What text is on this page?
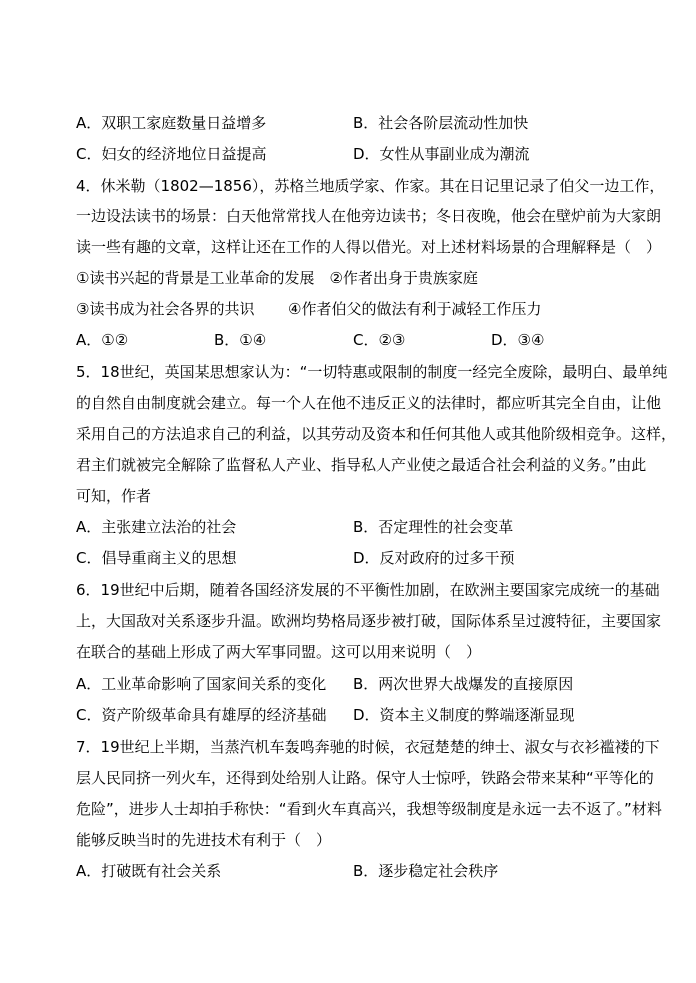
A．双职工家庭数量日益增多	B．社会各阶层流动性加快
C．妇女的经济地位日益提高	D．女性从事副业成为潮流
4．休米勒（1802—1856），苏格兰地质学家、作家。其在日记里记录了伯父一边工作，
一边设法读书的场景：白天他常常找人在他旁边读书；冬日夜晚，他会在壁炉前为大家朗
读一些有趣的文章，这样让还在工作的人得以借光。对上述材料场景的合理解释是（　）
①读书兴起的背景是工业革命的发展　②作者出身于贵族家庭
③读书成为社会各界的共识 ④作者伯父的做法有利于减轻工作压力
A．①②	B．①④	C．②③	D．③④
5．18世纪，英国某思想家认为：“一切特惠或限制的制度一经完全废除，最明白、最单纯
的自然自由制度就会建立。每一个人在他不违反正义的法律时，都应听其完全自由，让他
采用自己的方法追求自己的利益，以其劳动及资本和任何其他人或其他阶级相竞争。这样，
君主们就被完全解除了监督私人产业、指导私人产业使之最适合社会利益的义务。”由此
可知，作者
A．主张建立法治的社会	B．否定理性的社会变革
C．倡导重商主义的思想	D．反对政府的过多干预
6．19世纪中后期，随着各国经济发展的不平衡性加剧，在欧洲主要国家完成统一的基础
上，大国敌对关系逐步升温。欧洲均势格局逐步被打破，国际体系呈过渡特征，主要国家
在联合的基础上形成了两大军事同盟。这可以用来说明（　）
A．工业革命影响了国家间关系的变化 B．两次世界大战爆发的直接原因
C．资产阶级革命具有雄厚的经济基础 D．资本主义制度的弊端逐渐显现
7．19世纪上半期，当蒸汽机车轰鸣奔驰的时候，衣冠楚楚的绅士、淑女与衣衫褴褛的下
层人民同挤一列火车，还得到处给别人让路。保守人士惊呼，铁路会带来某种“平等化的
危险”，进步人士却拍手称快：“看到火车真高兴，我想等级制度是永远一去不返了。”材料
能够反映当时的先进技术有利于（　）
A．打破既有社会关系	B．逐步稳定社会秩序
